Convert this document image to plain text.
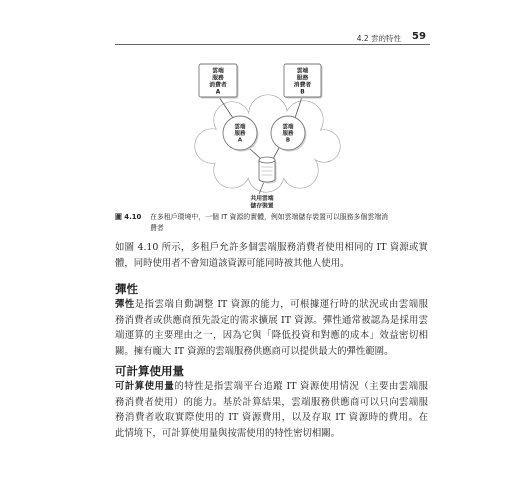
4.2 雲的特性 59
雲端
服務
消費者
A
雲端
服務
消費者
B
雲端
服務
A
雲端
服務
B
共用雲端
儲存裝置
圖 4.10 在多租戶環境中，一個 IT 資源的實體，例如雲端儲存裝置可以服務多個雲端消
費者
如圖 4.10 所示，多租戶允許多個雲端服務消費者使用相同的 IT 資源或實
體，同時使用者不會知道該資源可能同時被其他人使用。
彈性
彈性是指雲端自動調整 IT 資源的能力，可根據運行時的狀況或由雲端服
務消費者或供應商預先設定的需求擴展 IT 資源。彈性通常被認為是採用雲
端運算的主要理由之一，因為它與「降低投資和對應的成本」效益密切相
關。擁有龐大 IT 資源的雲端服務供應商可以提供最大的彈性範圍。
可計算使用量
可計算使用量的特性是指雲端平台追蹤 IT 資源使用情況（主要由雲端服
務消費者使用）的能力。基於計算結果，雲端服務供應商可以只向雲端服
務消費者收取實際使用的 IT 資源費用，以及存取 IT 資源時的費用。在
此情境下，可計算使用量與按需使用的特性密切相關。
